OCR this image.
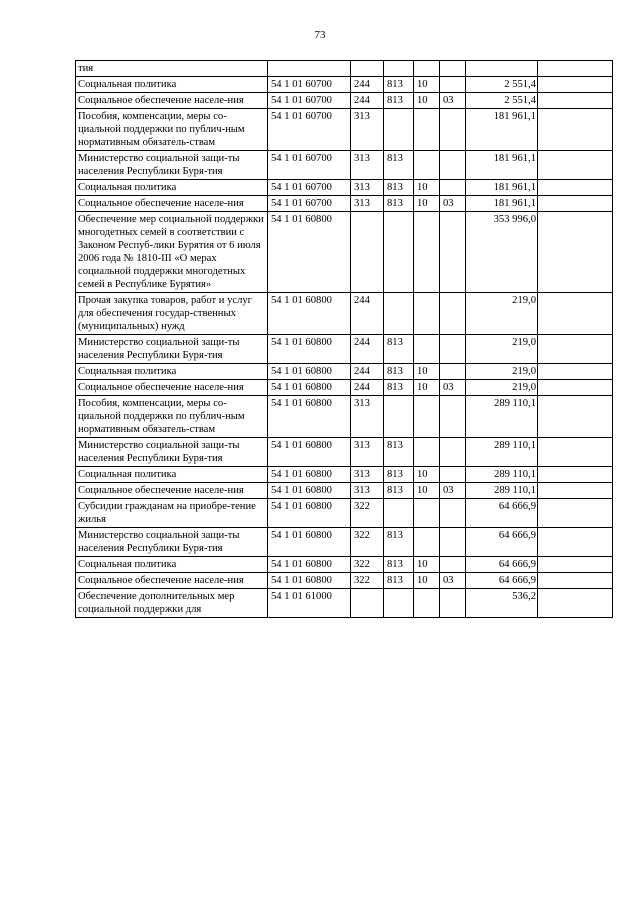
73
тия							
Социальная политика	54 1 01 60700	244	813	10		2 551,4	
Социальное обеспечение населе-ния	54 1 01 60700	244	813	10	03	2 551,4	
Пособия, компенсации, меры со-циальной поддержки по публич-ным нормативным обязатель-ствам	54 1 01 60700	313				181 961,1	
Министерство социальной защи-ты населения Республики Буря-тия	54 1 01 60700	313	813			181 961,1	
Социальная политика	54 1 01 60700	313	813	10		181 961,1	
Социальное обеспечение населе-ния	54 1 01 60700	313	813	10	03	181 961,1	
Обеспечение мер социальной поддержки многодетных семей в соответствии с Законом Респуб-лики Бурятия от 6 июля 2006 года № 1810-III «О мерах социальной поддержки многодетных семей в Республике Бурятия»	54 1 01 60800					353 996,0	
Прочая закупка товаров, работ и услуг для обеспечения государ-ственных (муниципальных) нужд	54 1 01 60800	244				219,0	
Министерство социальной защи-ты населения Республики Буря-тия	54 1 01 60800	244	813			219,0	
Социальная политика	54 1 01 60800	244	813	10		219,0	
Социальное обеспечение населе-ния	54 1 01 60800	244	813	10	03	219,0	
Пособия, компенсации, меры со-циальной поддержки по публич-ным нормативным обязатель-ствам	54 1 01 60800	313				289 110,1	
Министерство социальной защи-ты населения Республики Буря-тия	54 1 01 60800	313	813			289 110,1	
Социальная политика	54 1 01 60800	313	813	10		289 110,1	
Социальное обеспечение населе-ния	54 1 01 60800	313	813	10	03	289 110,1	
Субсидии гражданам на приобре-тение жилья	54 1 01 60800	322				64 666,9	
Министерство социальной защи-ты населения Республики Буря-тия	54 1 01 60800	322	813			64 666,9	
Социальная политика	54 1 01 60800	322	813	10		64 666,9	
Социальное обеспечение населе-ния	54 1 01 60800	322	813	10	03	64 666,9	
Обеспечение дополнительных мер социальной поддержки для	54 1 01 61000					536,2	
